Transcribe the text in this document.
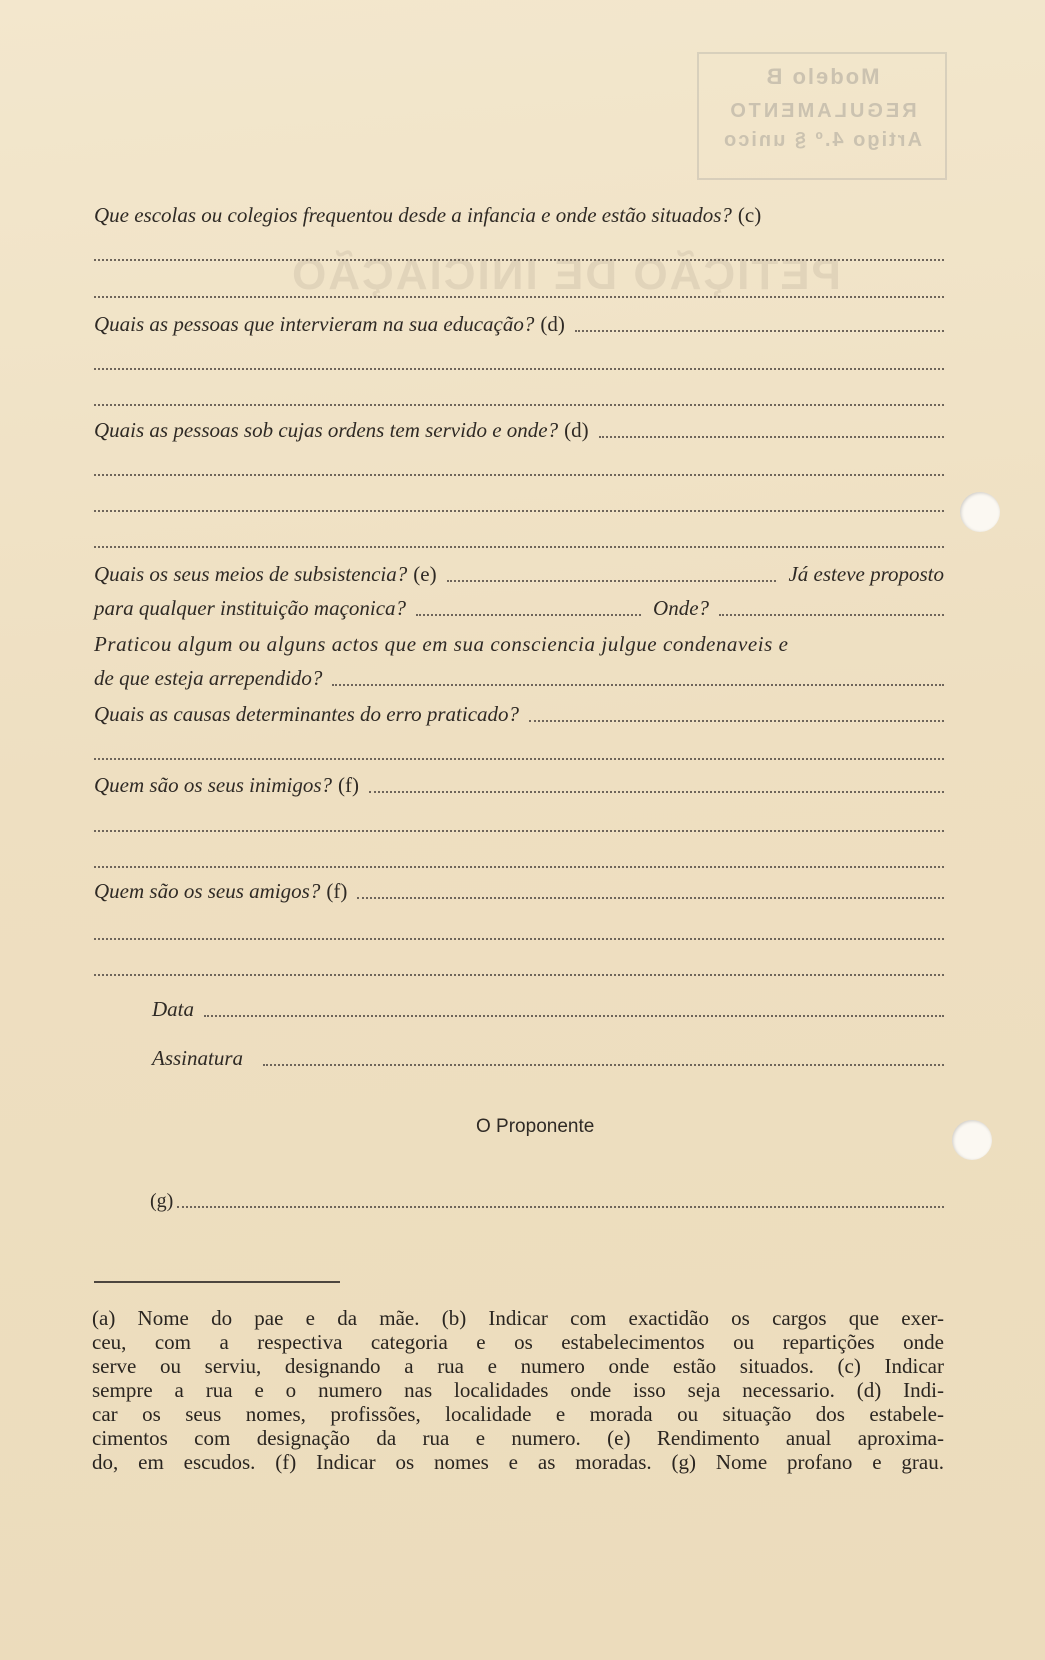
Modelo B
REGULAMENTO
Artigo 4.º § unico
PETIÇÃO DE INICIAÇÃO
Que escolas ou colegios frequentou desde a infancia e onde estão situados? (c)
Quais as pessoas que intervieram na sua educação? (d)
Quais as pessoas sob cujas ordens tem servido e onde? (d)
Quais os seus meios de subsistencia? (e)	Já esteve proposto
para qualquer instituição maçonica?	Onde?
Praticou algum ou alguns actos que em sua consciencia julgue condenaveis e
de que esteja arrependido?
Quais as causas determinantes do erro praticado?
Quem são os seus inimigos? (f)
Quem são os seus amigos? (f)
Data
Assinatura
O Proponente
(g)
(a) Nome do pae e da mãe. (b) Indicar com exactidão os cargos que exer-
ceu, com a respectiva categoria e os estabelecimentos ou repartições onde
serve ou serviu, designando a rua e numero onde estão situados. (c) Indicar
sempre a rua e o numero nas localidades onde isso seja necessario. (d) Indi-
car os seus nomes, profissões, localidade e morada ou situação dos estabele-
cimentos com designação da rua e numero. (e) Rendimento anual aproxima-
do, em escudos. (f) Indicar os nomes e as moradas. (g) Nome profano e grau.
